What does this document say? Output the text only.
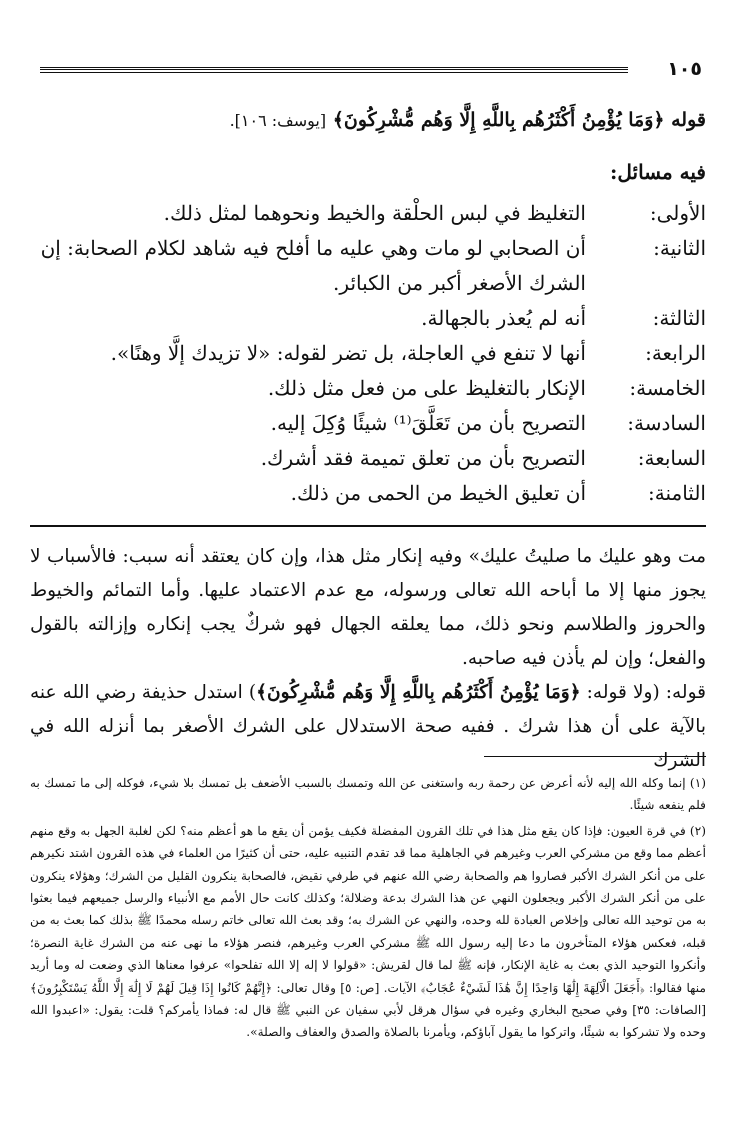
١٠٥
قوله ﴿وَمَا يُؤْمِنُ أَكْثَرُهُم بِاللَّهِ إِلَّا وَهُم مُّشْرِكُونَ﴾ [يوسف: ١٠٦].
فيه مسائل:
الأولى:
التغليظ في لبس الحلْقة والخيط ونحوهما لمثل ذلك.
الثانية:
أن الصحابي لو مات وهي عليه ما أفلح فيه شاهد لكلام الصحابة: إن الشرك الأصغر أكبر من الكبائر.
الثالثة:
أنه لم يُعذر بالجهالة.
الرابعة:
أنها لا تنفع في العاجلة، بل تضر لقوله: «لا تزيدك إلَّا وهنًا».
الخامسة:
الإنكار بالتغليظ على من فعل مثل ذلك.
السادسة:
التصريح بأن من تَعَلَّقَ⁽¹⁾ شيئًا وُكِلَ إليه.
السابعة:
التصريح بأن من تعلق تميمة فقد أشرك.
الثامنة:
أن تعليق الخيط من الحمى من ذلك.

مت وهو عليك ما صليتُ عليك» وفيه إنكار مثل هذا، وإن كان يعتقد أنه سبب: فالأسباب لا يجوز منها إلا ما أباحه الله تعالى ورسوله، مع عدم الاعتماد عليها. وأما التمائم والخيوط والحروز والطلاسم ونحو ذلك، مما يعلقه الجهال فهو شركٌ يجب إنكاره وإزالته بالقول والفعل؛ وإن لم يأذن فيه صاحبه.

قوله: (ولا قوله: ﴿وَمَا يُؤْمِنُ أَكْثَرُهُم بِاللَّهِ إِلَّا وَهُم مُّشْرِكُونَ﴾) استدل حذيفة رضي الله عنه بالآية على أن هذا شرك . ففيه صحة الاستدلال على الشرك الأصغر بما أنزله الله في الشرك

(١) إنما وكله الله إليه لأنه أعرض عن رحمة ربه واستغنى عن الله وتمسك بالسبب الأضعف بل تمسك بلا شيء، فوكله إلى ما تمسك به فلم ينفعه شيئًا.

(٢) في قرة العيون: فإذا كان يقع مثل هذا في تلك القرون المفضلة فكيف يؤمن أن يقع ما هو أعظم منه؟ لكن لغلبة الجهل به وقع منهم أعظم مما وقع من مشركي العرب وغيرهم في الجاهلية مما قد تقدم التنبيه عليه، حتى أن كثيرًا من العلماء في هذه القرون اشتد نكيرهم على من أنكر الشرك الأكبر فصاروا هم والصحابة رضي الله عنهم في طرفي نقيض، فالصحابة ينكرون القليل من الشرك؛ وهؤلاء ينكرون على من أنكر الشرك الأكبر ويجعلون النهي عن هذا الشرك بدعة وضلالة؛ وكذلك كانت حال الأمم مع الأنبياء والرسل جميعهم فيما بعثوا به من توحيد الله تعالى وإخلاص العبادة لله وحده، والنهي عن الشرك به؛ وقد بعث الله تعالى خاتم رسله محمدًا ﷺ بذلك كما بعث به من قبله، فعكس هؤلاء المتأخرون ما دعا إليه رسول الله ﷺ مشركي العرب وغيرهم، فنصر هؤلاء ما نهى عنه من الشرك غاية النصرة؛ وأنكروا التوحيد الذي بعث به غاية الإنكار، فإنه ﷺ لما قال لقريش: «قولوا لا إله إلا الله تفلحوا» عرفوا معناها الذي وضعت له وما أريد منها فقالوا: ﴿أَجَعَلَ الْآلِهَةَ إِلَٰهًا وَاحِدًا إِنَّ هَٰذَا لَشَيْءٌ عُجَابٌ﴾ الآيات. [ص: ٥] وقال تعالى: ﴿إِنَّهُمْ كَانُوا إِذَا قِيلَ لَهُمْ لَا إِلَٰهَ إِلَّا اللَّهُ يَسْتَكْبِرُونَ﴾ [الصافات: ٣٥] وفي صحيح البخاري وغيره في سؤال هرقل لأبي سفيان عن النبي ﷺ قال له: فماذا يأمركم؟ قلت: يقول: «اعبدوا الله وحده ولا تشركوا به شيئًا، واتركوا ما يقول آباؤكم، ويأمرنا بالصلاة والصدق والعفاف والصلة».
